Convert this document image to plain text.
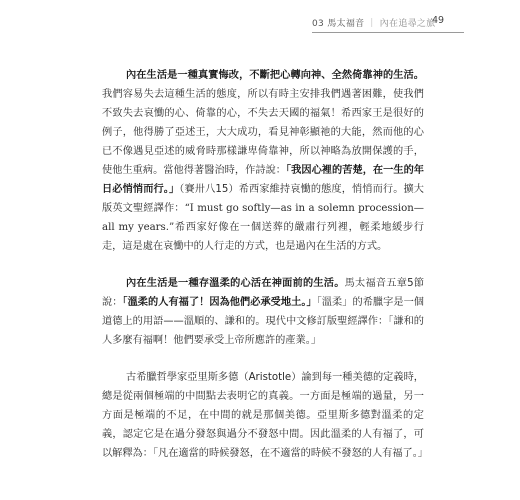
03 馬太福音 ｜ 內在追尋之旅
49

內在生活是一種真實悔改，不斷把心轉向神、全然倚靠神的生活。我們容易失去這種生活的態度，所以有時主安排我們遇著困難，使我們不致失去哀慟的心、倚靠的心，不失去天國的福氣！希西家王是很好的例子，他得勝了亞述王，大大成功，看見神彰顯祂的大能，然而他的心已不像遇見亞述的威脅時那樣謙卑倚靠神，所以神略為放開保護的手，使他生重病。當他得著醫治時，作詩說：「我因心裡的苦楚，在一生的年日必悄悄而行。」（賽卅八15）希西家維持哀慟的態度，悄悄而行。擴大版英文聖經譯作：“I must go softly—as in a solemn procession—all my years.”希西家好像在一個送葬的嚴肅行列裡，輕柔地緩步行走，這是處在哀慟中的人行走的方式，也是過內在生活的方式。

內在生活是一種存溫柔的心活在神面前的生活。馬太福音五章5節說：「溫柔的人有福了！因為他們必承受地土。」「溫柔」的希臘字是一個道德上的用語——溫順的、謙和的。現代中文修訂版聖經譯作：「謙和的人多麼有福啊！他們要承受上帝所應許的產業。」

古希臘哲學家亞里斯多德（Aristotle）論到每一種美德的定義時，總是從兩個極端的中間點去表明它的真義。一方面是極端的過量，另一方面是極端的不足，在中間的就是那個美德。亞里斯多德對溫柔的定義，認定它是在過分發怒與過分不發怒中間。因此溫柔的人有福了，可以解釋為：「凡在適當的時候發怒，在不適當的時候不發怒的人有福了。」
